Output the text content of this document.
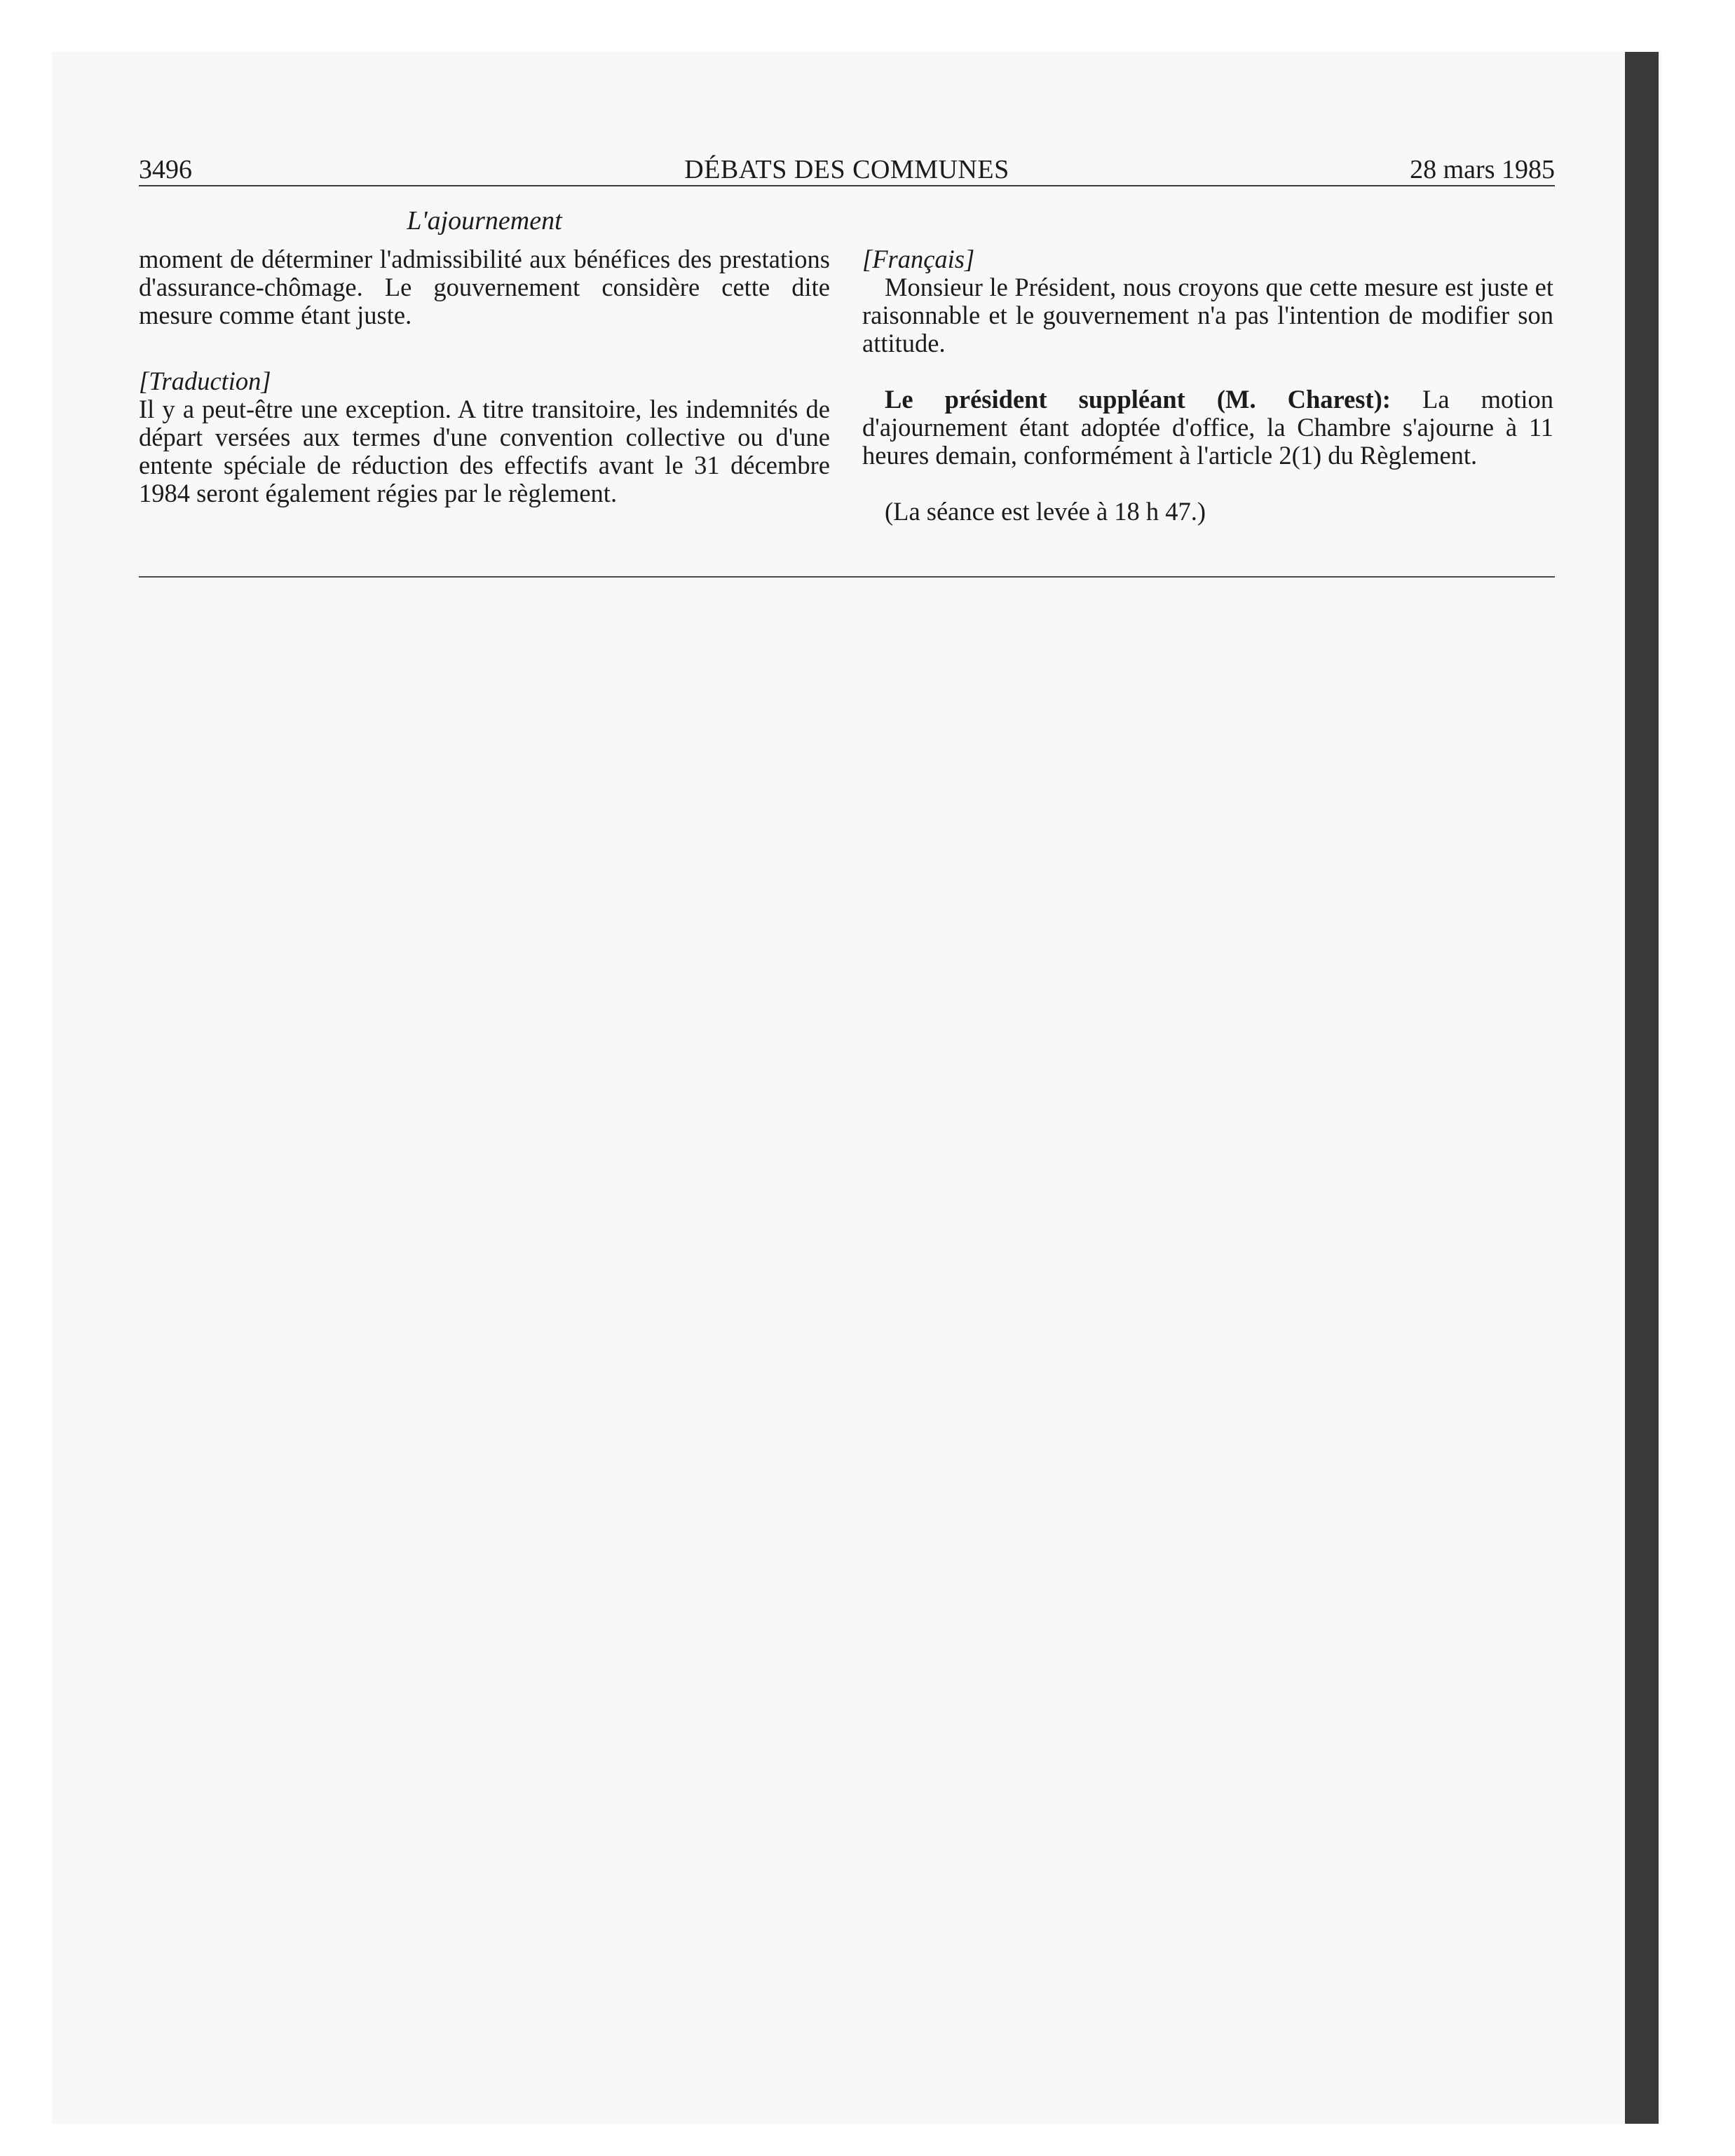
3496	DÉBATS DES COMMUNES	28 mars 1985
L'ajournement

moment de déterminer l'admissibilité aux bénéfices des prestations d'assurance-chômage. Le gouvernement considère cette dite mesure comme étant juste.

[Traduction]

Il y a peut-être une exception. A titre transitoire, les indemnités de départ versées aux termes d'une convention collective ou d'une entente spéciale de réduction des effectifs avant le 31 décembre 1984 seront également régies par le règlement.

[Français]

Monsieur le Président, nous croyons que cette mesure est juste et raisonnable et le gouvernement n'a pas l'intention de modifier son attitude.

Le président suppléant (M. Charest): La motion d'ajournement étant adoptée d'office, la Chambre s'ajourne à 11 heures demain, conformément à l'article 2(1) du Règlement.

(La séance est levée à 18 h 47.)
